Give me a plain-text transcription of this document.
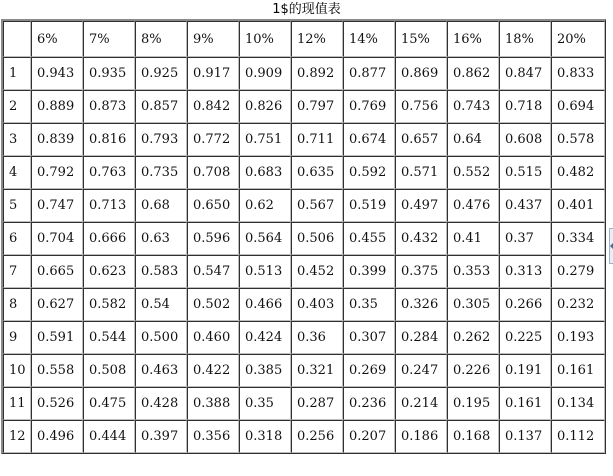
1$的现值表
	6%	7%	8%	9%	10%	12%	14%	15%	16%	18%	20%
1	0.943	0.935	0.925	0.917	0.909	0.892	0.877	0.869	0.862	0.847	0.833
2	0.889	0.873	0.857	0.842	0.826	0.797	0.769	0.756	0.743	0.718	0.694
3	0.839	0.816	0.793	0.772	0.751	0.711	0.674	0.657	0.64	0.608	0.578
4	0.792	0.763	0.735	0.708	0.683	0.635	0.592	0.571	0.552	0.515	0.482
5	0.747	0.713	0.68	0.650	0.62	0.567	0.519	0.497	0.476	0.437	0.401
6	0.704	0.666	0.63	0.596	0.564	0.506	0.455	0.432	0.41	0.37	0.334
7	0.665	0.623	0.583	0.547	0.513	0.452	0.399	0.375	0.353	0.313	0.279
8	0.627	0.582	0.54	0.502	0.466	0.403	0.35	0.326	0.305	0.266	0.232
9	0.591	0.544	0.500	0.460	0.424	0.36	0.307	0.284	0.262	0.225	0.193
10	0.558	0.508	0.463	0.422	0.385	0.321	0.269	0.247	0.226	0.191	0.161
11	0.526	0.475	0.428	0.388	0.35	0.287	0.236	0.214	0.195	0.161	0.134
12	0.496	0.444	0.397	0.356	0.318	0.256	0.207	0.186	0.168	0.137	0.112
